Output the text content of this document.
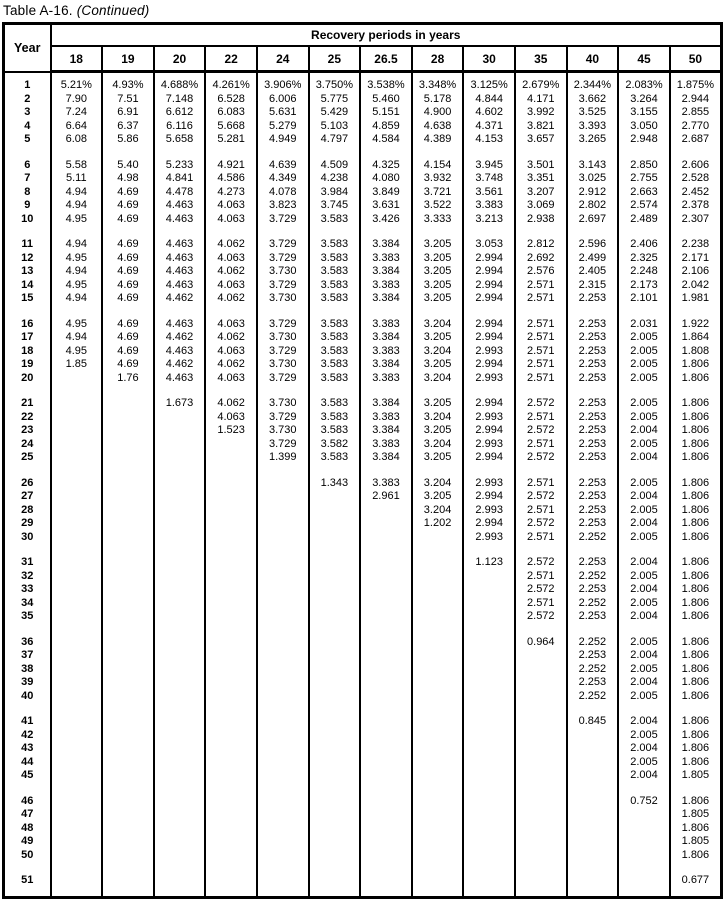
Table A-16. (Continued)
Year	Recovery periods in years												
	18	19	20	22	24	25	26.5	28	30	35	40	45	50
1	5.21%	4.93%	4.688%	4.261%	3.906%	3.750%	3.538%	3.348%	3.125%	2.679%	2.344%	2.083%	1.875%
2	7.90	7.51	7.148	6.528	6.006	5.775	5.460	5.178	4.844	4.171	3.662	3.264	2.944
3	7.24	6.91	6.612	6.083	5.631	5.429	5.151	4.900	4.602	3.992	3.525	3.155	2.855
4	6.64	6.37	6.116	5.668	5.279	5.103	4.859	4.638	4.371	3.821	3.393	3.050	2.770
5	6.08	5.86	5.658	5.281	4.949	4.797	4.584	4.389	4.153	3.657	3.265	2.948	2.687
6	5.58	5.40	5.233	4.921	4.639	4.509	4.325	4.154	3.945	3.501	3.143	2.850	2.606
7	5.11	4.98	4.841	4.586	4.349	4.238	4.080	3.932	3.748	3.351	3.025	2.755	2.528
8	4.94	4.69	4.478	4.273	4.078	3.984	3.849	3.721	3.561	3.207	2.912	2.663	2.452
9	4.94	4.69	4.463	4.063	3.823	3.745	3.631	3.522	3.383	3.069	2.802	2.574	2.378
10	4.95	4.69	4.463	4.063	3.729	3.583	3.426	3.333	3.213	2.938	2.697	2.489	2.307
11	4.94	4.69	4.463	4.062	3.729	3.583	3.384	3.205	3.053	2.812	2.596	2.406	2.238
12	4.95	4.69	4.463	4.063	3.729	3.583	3.383	3.205	2.994	2.692	2.499	2.325	2.171
13	4.94	4.69	4.463	4.062	3.730	3.583	3.384	3.205	2.994	2.576	2.405	2.248	2.106
14	4.95	4.69	4.463	4.063	3.729	3.583	3.383	3.205	2.994	2.571	2.315	2.173	2.042
15	4.94	4.69	4.462	4.062	3.730	3.583	3.384	3.205	2.994	2.571	2.253	2.101	1.981
16	4.95	4.69	4.463	4.063	3.729	3.583	3.383	3.204	2.994	2.571	2.253	2.031	1.922
17	4.94	4.69	4.462	4.062	3.730	3.583	3.384	3.205	2.994	2.571	2.253	2.005	1.864
18	4.95	4.69	4.463	4.063	3.729	3.583	3.383	3.204	2.993	2.571	2.253	2.005	1.808
19	1.85	4.69	4.462	4.062	3.730	3.583	3.384	3.205	2.994	2.571	2.253	2.005	1.806
20		1.76	4.463	4.063	3.729	3.583	3.383	3.204	2.993	2.571	2.253	2.005	1.806
21			1.673	4.062	3.730	3.583	3.384	3.205	2.994	2.572	2.253	2.005	1.806
22				4.063	3.729	3.583	3.383	3.204	2.993	2.571	2.253	2.005	1.806
23				1.523	3.730	3.583	3.384	3.205	2.994	2.572	2.253	2.004	1.806
24					3.729	3.582	3.383	3.204	2.993	2.571	2.253	2.005	1.806
25					1.399	3.583	3.384	3.205	2.994	2.572	2.253	2.004	1.806
26						1.343	3.383	3.204	2.993	2.571	2.253	2.005	1.806
27							2.961	3.205	2.994	2.572	2.253	2.004	1.806
28								3.204	2.993	2.571	2.253	2.005	1.806
29								1.202	2.994	2.572	2.253	2.004	1.806
30									2.993	2.571	2.252	2.005	1.806
31									1.123	2.572	2.253	2.004	1.806
32										2.571	2.252	2.005	1.806
33										2.572	2.253	2.004	1.806
34										2.571	2.252	2.005	1.806
35										2.572	2.253	2.004	1.806
36										0.964	2.252	2.005	1.806
37											2.253	2.004	1.806
38											2.252	2.005	1.806
39											2.253	2.004	1.806
40											2.252	2.005	1.806
41											0.845	2.004	1.806
42												2.005	1.806
43												2.004	1.806
44												2.005	1.806
45												2.004	1.805
46												0.752	1.806
47													1.805
48													1.806
49													1.805
50													1.806
51													0.677
